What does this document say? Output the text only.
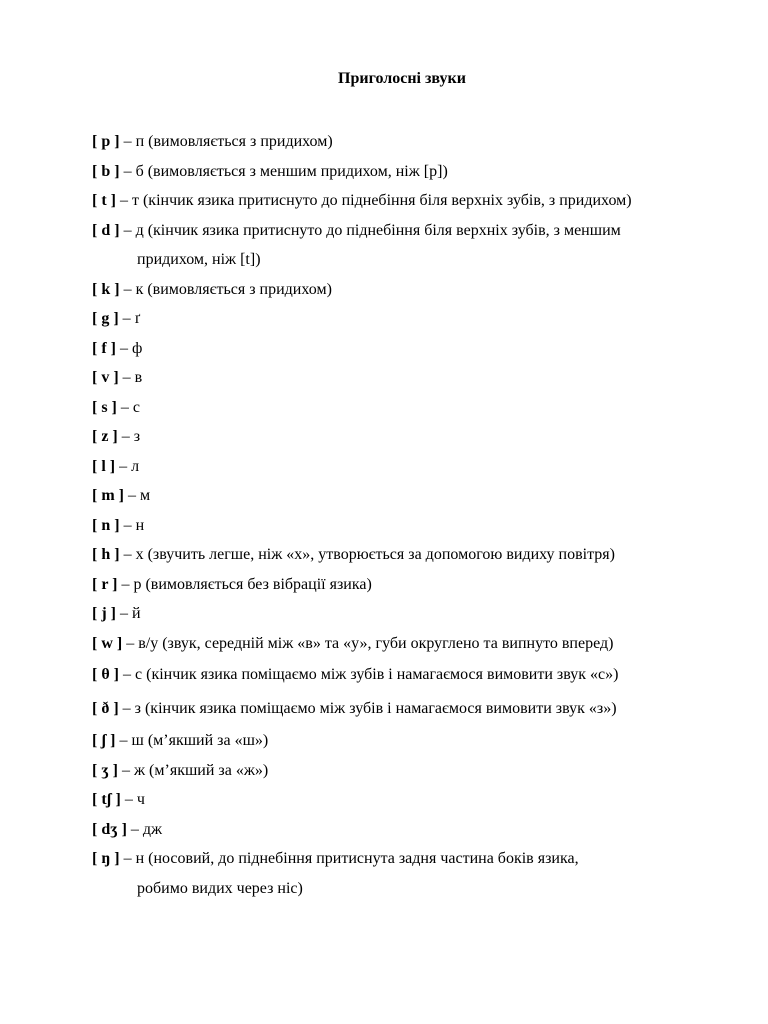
Приголосні звуки
[ p ] – п (вимовляється з придихом)
[ b ] – б (вимовляється з меншим придихом, ніж [p])
[ t ] – т (кінчик язика притиснуто до піднебіння біля верхніх зубів, з придихом)
[ d ] – д (кінчик язика притиснуто до піднебіння біля верхніх зубів, з меншим
придихом, ніж [t])
[ k ] – к (вимовляється з придихом)
[ g ] – ґ
[ f ] – ф
[ v ] – в
[ s ] – с
[ z ] – з
[ l ] – л
[ m ] – м
[ n ] – н
[ h ] – х (звучить легше, ніж «х», утворюється за допомогою видиху повітря)
[ r ] – р (вимовляється без вібрації язика)
[ j ] – й
[ w ] – в/у (звук, середній між «в» та «у», губи округлено та випнуто вперед)
[ θ ] – с (кінчик язика поміщаємо між зубів і намагаємося вимовити звук «с»)
[ ð ] – з (кінчик язика поміщаємо між зубів і намагаємося вимовити звук «з»)
[ ʃ ] – ш (м’якший за «ш»)
[ ʒ ] – ж (м’якший за «ж»)
[ tʃ ] – ч
[ dʒ ] – дж
[ ŋ ] – н (носовий, до піднебіння притиснута задня частина боків язика,
робимо видих через ніс)
